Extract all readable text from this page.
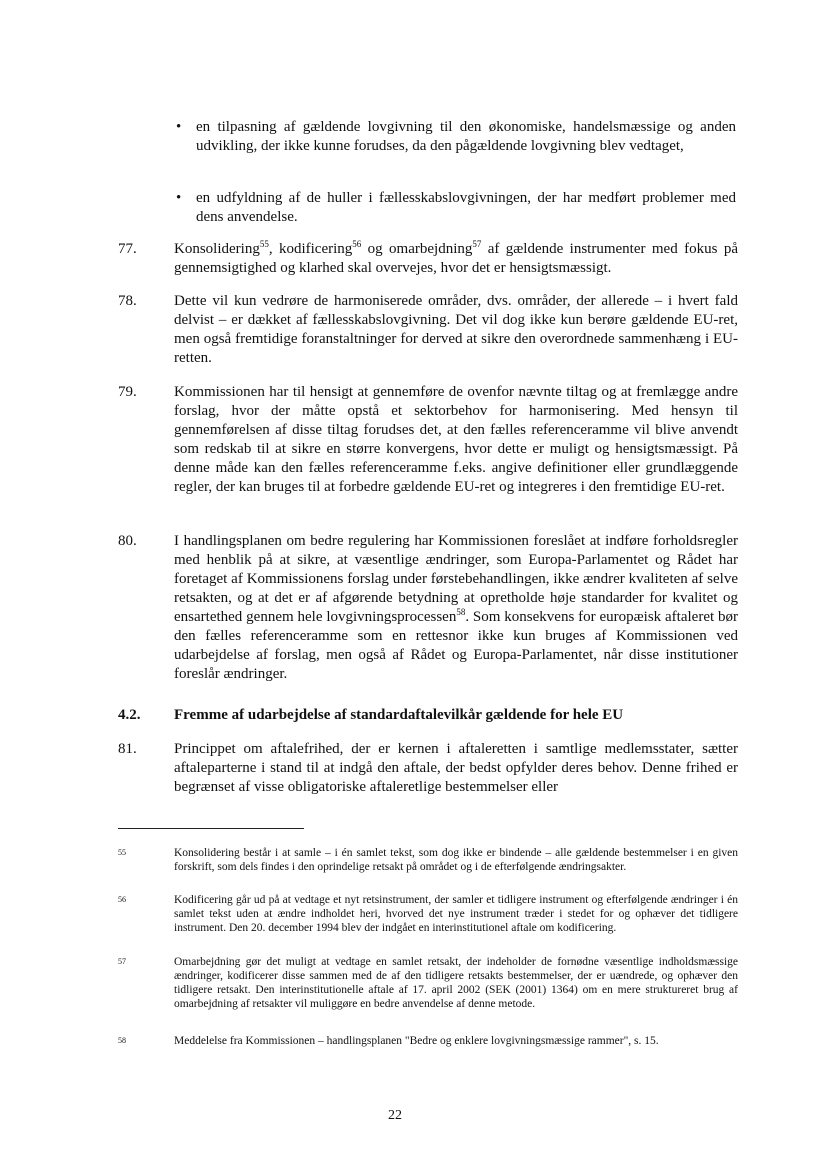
• en tilpasning af gældende lovgivning til den økonomiske, handelsmæssige og anden udvikling, der ikke kunne forudses, da den pågældende lovgivning blev vedtaget,
• en udfyldning af de huller i fællesskabslovgivningen, der har medført problemer med dens anvendelse.
77. Konsolidering$^{55}$, kodificering$^{56}$ og omarbejdning$^{57}$ af gældende instrumenter med fokus på gennemsigtighed og klarhed skal overvejes, hvor det er hensigtsmæssigt.
78. Dette vil kun vedrøre de harmoniserede områder, dvs. områder, der allerede – i hvert fald delvist – er dækket af fællesskabslovgivning. Det vil dog ikke kun berøre gældende EU-ret, men også fremtidige foranstaltninger for derved at sikre den overordnede sammenhæng i EU-retten.
79. Kommissionen har til hensigt at gennemføre de ovenfor nævnte tiltag og at fremlægge andre forslag, hvor der måtte opstå et sektorbehov for harmonisering. Med hensyn til gennemførelsen af disse tiltag forudses det, at den fælles referenceramme vil blive anvendt som redskab til at sikre en større konvergens, hvor dette er muligt og hensigtsmæssigt. På denne måde kan den fælles referenceramme f.eks. angive definitioner eller grundlæggende regler, der kan bruges til at forbedre gældende EU-ret og integreres i den fremtidige EU-ret.
80. I handlingsplanen om bedre regulering har Kommissionen foreslået at indføre forholdsregler med henblik på at sikre, at væsentlige ændringer, som Europa-Parlamentet og Rådet har foretaget af Kommissionens forslag under førstebehandlingen, ikke ændrer kvaliteten af selve retsakten, og at det er af afgørende betydning at opretholde høje standarder for kvalitet og ensartethed gennem hele lovgivningsprocessen$^{58}$. Som konsekvens for europæisk aftaleret bør den fælles referenceramme som en rettesnor ikke kun bruges af Kommissionen ved udarbejdelse af forslag, men også af Rådet og Europa-Parlamentet, når disse institutioner foreslår ændringer.
4.2. Fremme af udarbejdelse af standardaftalevilkår gældende for hele EU
81. Princippet om aftalefrihed, der er kernen i aftaleretten i samtlige medlemsstater, sætter aftaleparterne i stand til at indgå den aftale, der bedst opfylder deres behov. Denne frihed er begrænset af visse obligatoriske aftaleretlige bestemmelser eller
55	Konsolidering består i at samle – i én samlet tekst, som dog ikke er bindende – alle gældende bestemmelser i en given forskrift, som dels findes i den oprindelige retsakt på området og i de efterfølgende ændringsakter.
56	Kodificering går ud på at vedtage et nyt retsinstrument, der samler et tidligere instrument og efterfølgende ændringer i én samlet tekst uden at ændre indholdet heri, hvorved det nye instrument træder i stedet for og ophæver det tidligere instrument. Den 20. december 1994 blev der indgået en interinstitutionel aftale om kodificering.
57	Omarbejdning gør det muligt at vedtage en samlet retsakt, der indeholder de fornødne væsentlige indholdsmæssige ændringer, kodificerer disse sammen med de af den tidligere retsakts bestemmelser, der er uændrede, og ophæver den tidligere retsakt. Den interinstitutionelle aftale af 17. april 2002 (SEK (2001) 1364) om en mere struktureret brug af omarbejdning af retsakter vil muliggøre en bedre anvendelse af denne metode.
58	Meddelelse fra Kommissionen – handlingsplanen "Bedre og enklere lovgivningsmæssige rammer", s. 15.
22
